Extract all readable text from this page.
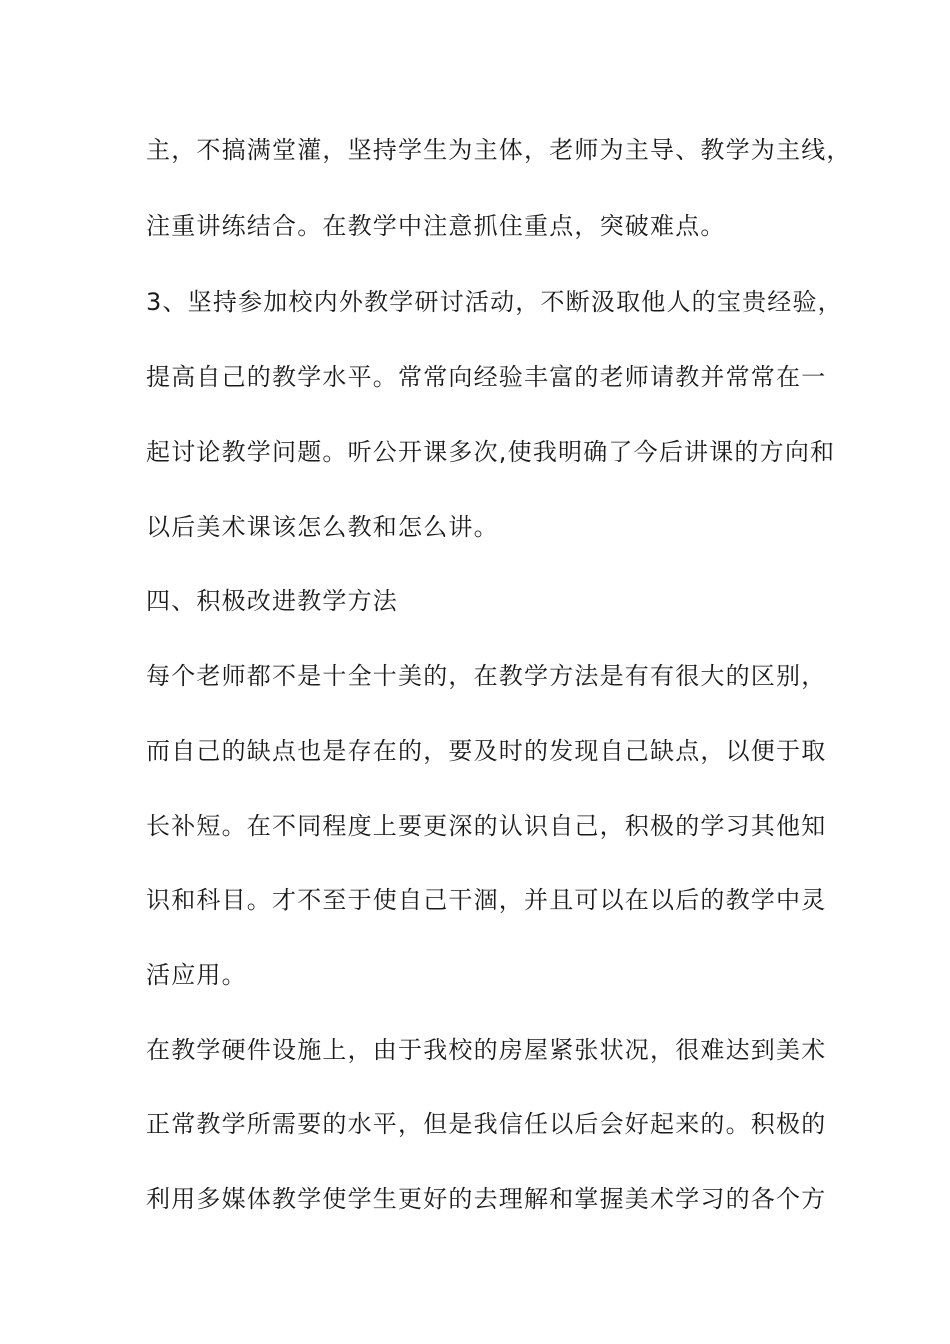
主，不搞满堂灌，坚持学生为主体，老师为主导、教学为主线，
注重讲练结合。在教学中注意抓住重点，突破难点。
3、坚持参加校内外教学研讨活动，不断汲取他人的宝贵经验，
提高自己的教学水平。常常向经验丰富的老师请教并常常在一
起讨论教学问题。听公开课多次,使我明确了今后讲课的方向和
以后美术课该怎么教和怎么讲。
四、积极改进教学方法
每个老师都不是十全十美的，在教学方法是有有很大的区别，
而自己的缺点也是存在的，要及时的发现自己缺点，以便于取
长补短。在不同程度上要更深的认识自己，积极的学习其他知
识和科目。才不至于使自己干涸，并且可以在以后的教学中灵
活应用。
在教学硬件设施上，由于我校的房屋紧张状况，很难达到美术
正常教学所需要的水平，但是我信任以后会好起来的。积极的
利用多媒体教学使学生更好的去理解和掌握美术学习的各个方
